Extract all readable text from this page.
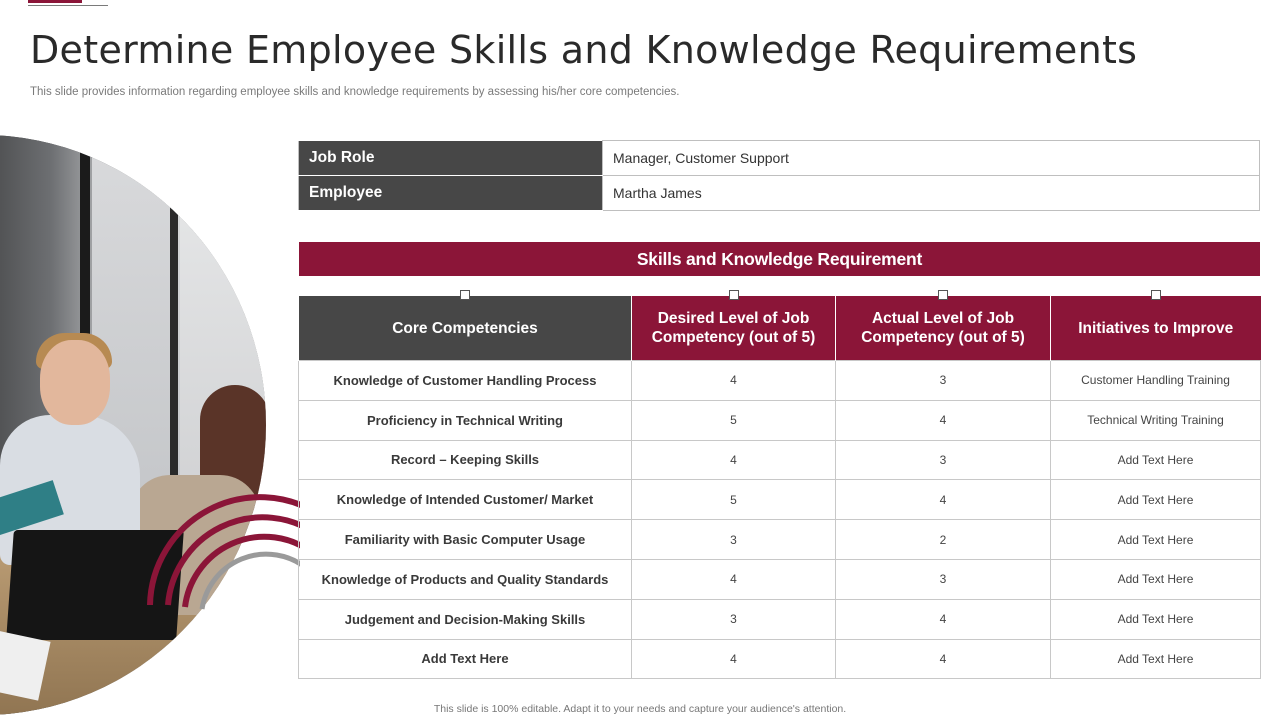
Determine Employee Skills and Knowledge Requirements
This slide provides information regarding employee skills and knowledge requirements by assessing his/her core competencies.
Job Role	Manager, Customer Support
Employee	Martha James
Skills and Knowledge Requirement
Core Competencies	Desired Level of Job Competency (out of 5)	Actual Level of Job Competency (out of 5)	Initiatives to Improve
Knowledge of Customer Handling Process	4	3	Customer Handling Training
Proficiency in Technical Writing	5	4	Technical Writing Training
Record – Keeping Skills	4	3	Add Text Here
Knowledge of Intended Customer/ Market	5	4	Add Text Here
Familiarity with Basic Computer Usage	3	2	Add Text Here
Knowledge of Products and Quality Standards	4	3	Add Text Here
Judgement and Decision-Making Skills	3	4	Add Text Here
Add Text Here	4	4	Add Text Here
This slide is 100% editable. Adapt it to your needs and capture your audience's attention.
